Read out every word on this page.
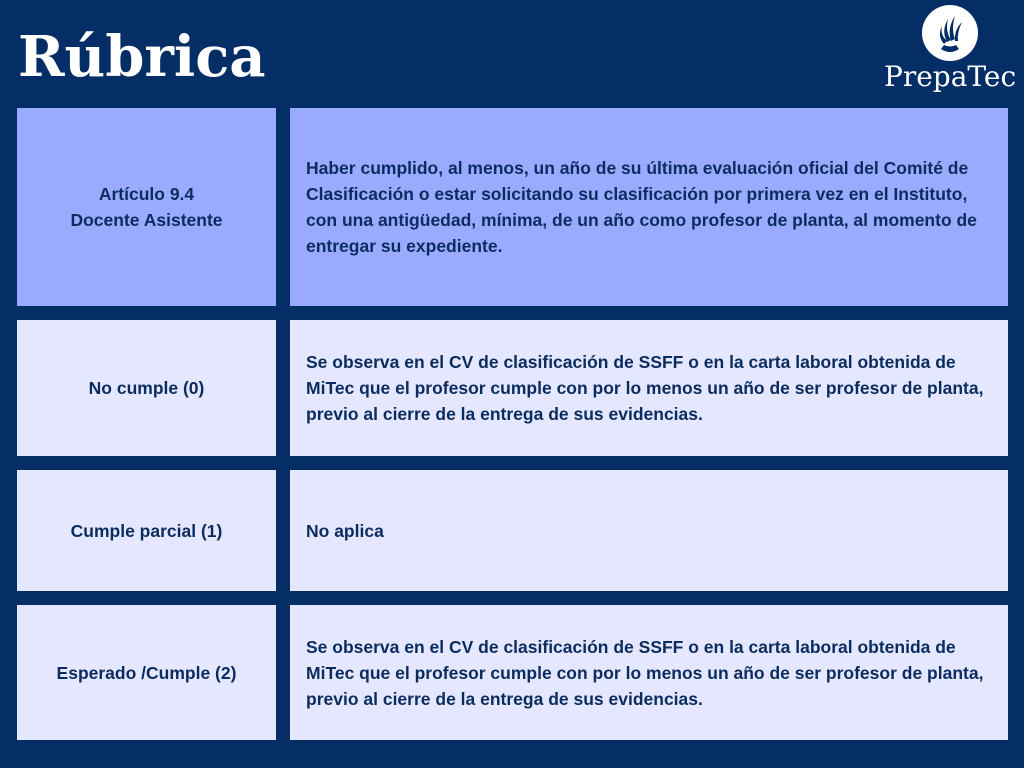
Rúbrica	PrepaTec
Artículo 9.4
Docente Asistente
Haber cumplido, al menos, un año de su última evaluación oficial del Comité de Clasificación o estar solicitando su clasificación por primera vez en el Instituto, con una antigüedad, mínima, de un año como profesor de planta, al momento de entregar su expediente.
No cumple (0)
Se observa en el CV de clasificación de SSFF o en la carta laboral obtenida de MiTec que el profesor cumple con por lo menos un año de ser profesor de planta, previo al cierre de la entrega de sus evidencias.
Cumple parcial (1)	No aplica
Esperado /Cumple (2)
Se observa en el CV de clasificación de SSFF o en la carta laboral obtenida de MiTec que el profesor cumple con por lo menos un año de ser profesor de planta, previo al cierre de la entrega de sus evidencias.
